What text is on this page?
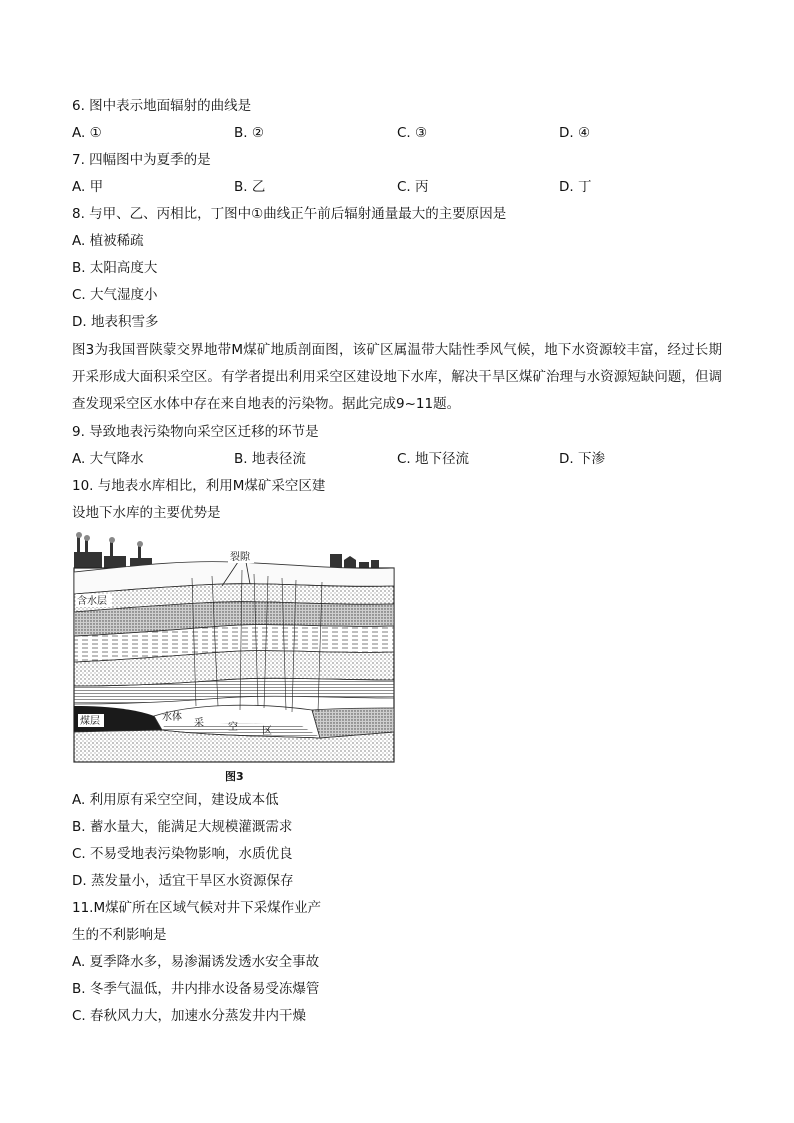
6. 图中表示地面辐射的曲线是
A. ①	B. ②	C. ③	D. ④
7. 四幅图中为夏季的是
A. 甲	B. 乙	C. 丙	D. 丁
8. 与甲、乙、丙相比，丁图中①曲线正午前后辐射通量最大的主要原因是
A. 植被稀疏
B. 太阳高度大
C. 大气湿度小
D. 地表积雪多
图3为我国晋陕蒙交界地带M煤矿地质剖面图，该矿区属温带大陆性季风气候，地下水资源较丰富，经过长期开采形成大面积采空区。有学者提出利用采空区建设地下水库，解决干旱区煤矿治理与水资源短缺问题，但调查发现采空区水体中存在来自地表的污染物。据此完成9~11题。
9. 导致地表污染物向采空区迁移的环节是
A. 大气降水	B. 地表径流	C. 地下径流	D. 下渗
10. 与地表水库相比，利用M煤矿采空区建
设地下水库的主要优势是
裂隙
含水层
煤层	水体
采 空 区
图3
A. 利用原有采空空间，建设成本低
B. 蓄水量大，能满足大规模灌溉需求
C. 不易受地表污染物影响，水质优良
D. 蒸发量小，适宜干旱区水资源保存
11.M煤矿所在区域气候对井下采煤作业产
生的不利影响是
A. 夏季降水多，易渗漏诱发透水安全事故
B. 冬季气温低，井内排水设备易受冻爆管
C. 春秋风力大，加速水分蒸发井内干燥
